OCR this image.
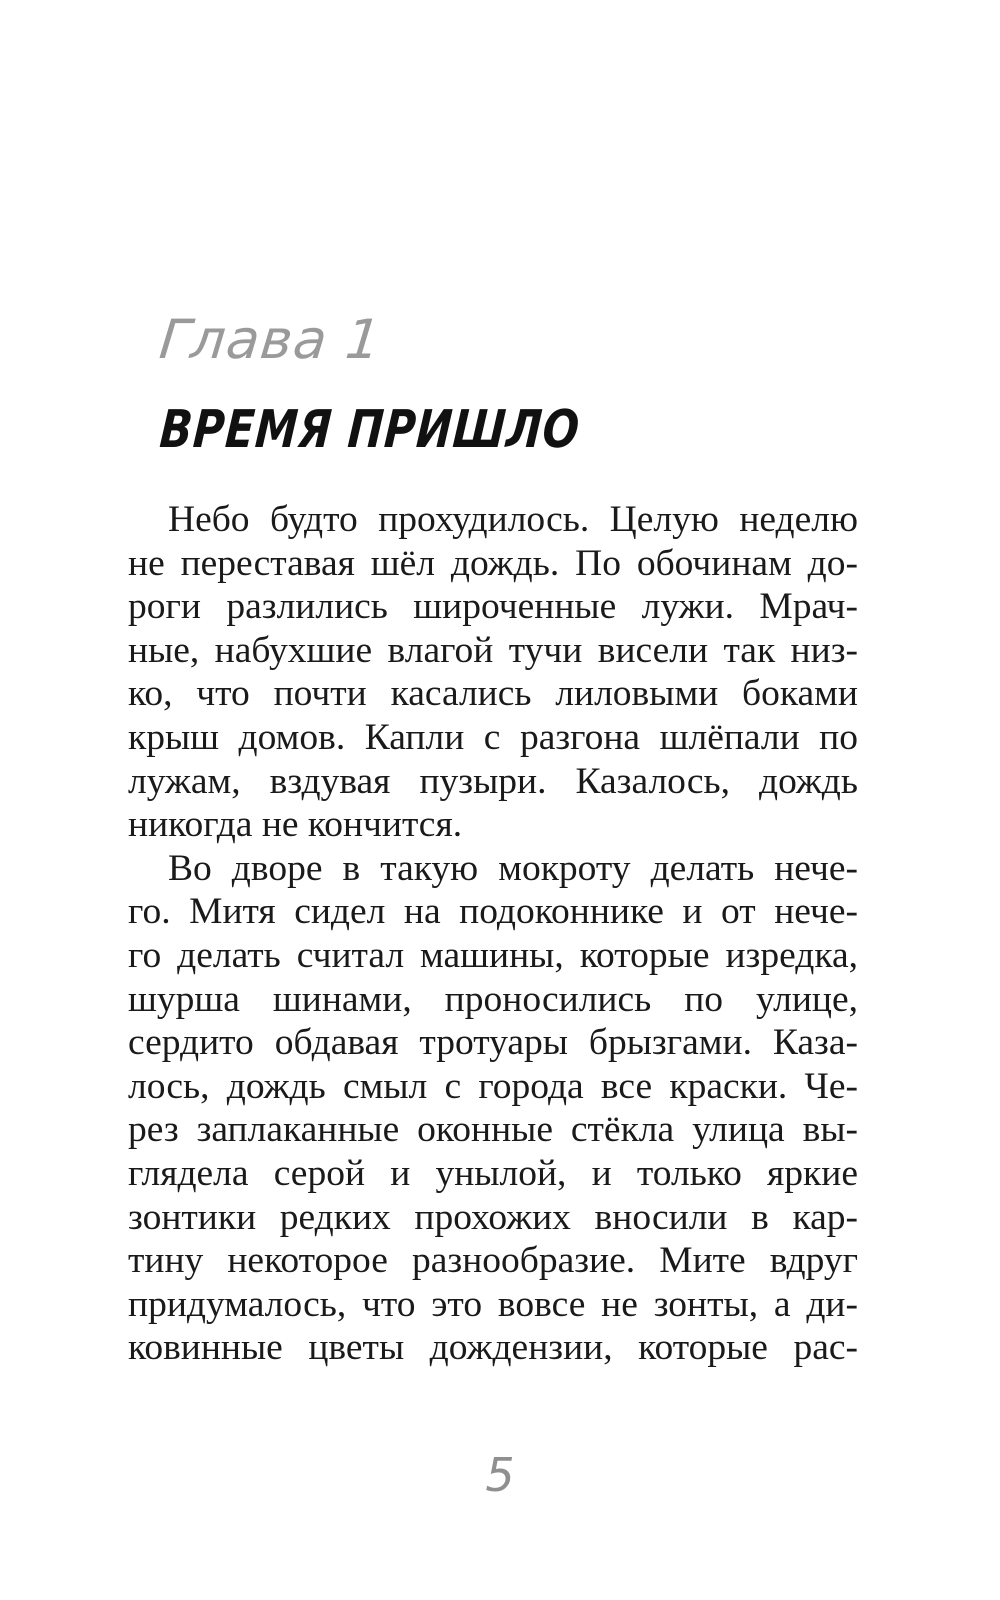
Глава 1
ВРЕМЯ ПРИШЛО
Небо будто прохудилось. Целую неделю
не переставая шёл дождь. По обочинам до-
роги разлились широченные лужи. Мрач-
ные, набухшие влагой тучи висели так низ-
ко, что почти касались лиловыми боками
крыш домов. Капли с разгона шлёпали по
лужам, вздувая пузыри. Казалось, дождь
никогда не кончится.
Во дворе в такую мокроту делать нече-
го. Митя сидел на подоконнике и от нече-
го делать считал машины, которые изредка,
шурша шинами, проносились по улице,
сердито обдавая тротуары брызгами. Каза-
лось, дождь смыл с города все краски. Че-
рез заплаканные оконные стёкла улица вы-
глядела серой и унылой, и только яркие
зонтики редких прохожих вносили в кар-
тину некоторое разнообразие. Мите вдруг
придумалось, что это вовсе не зонты, а ди-
ковинные цветы дождензии, которые рас-
5
